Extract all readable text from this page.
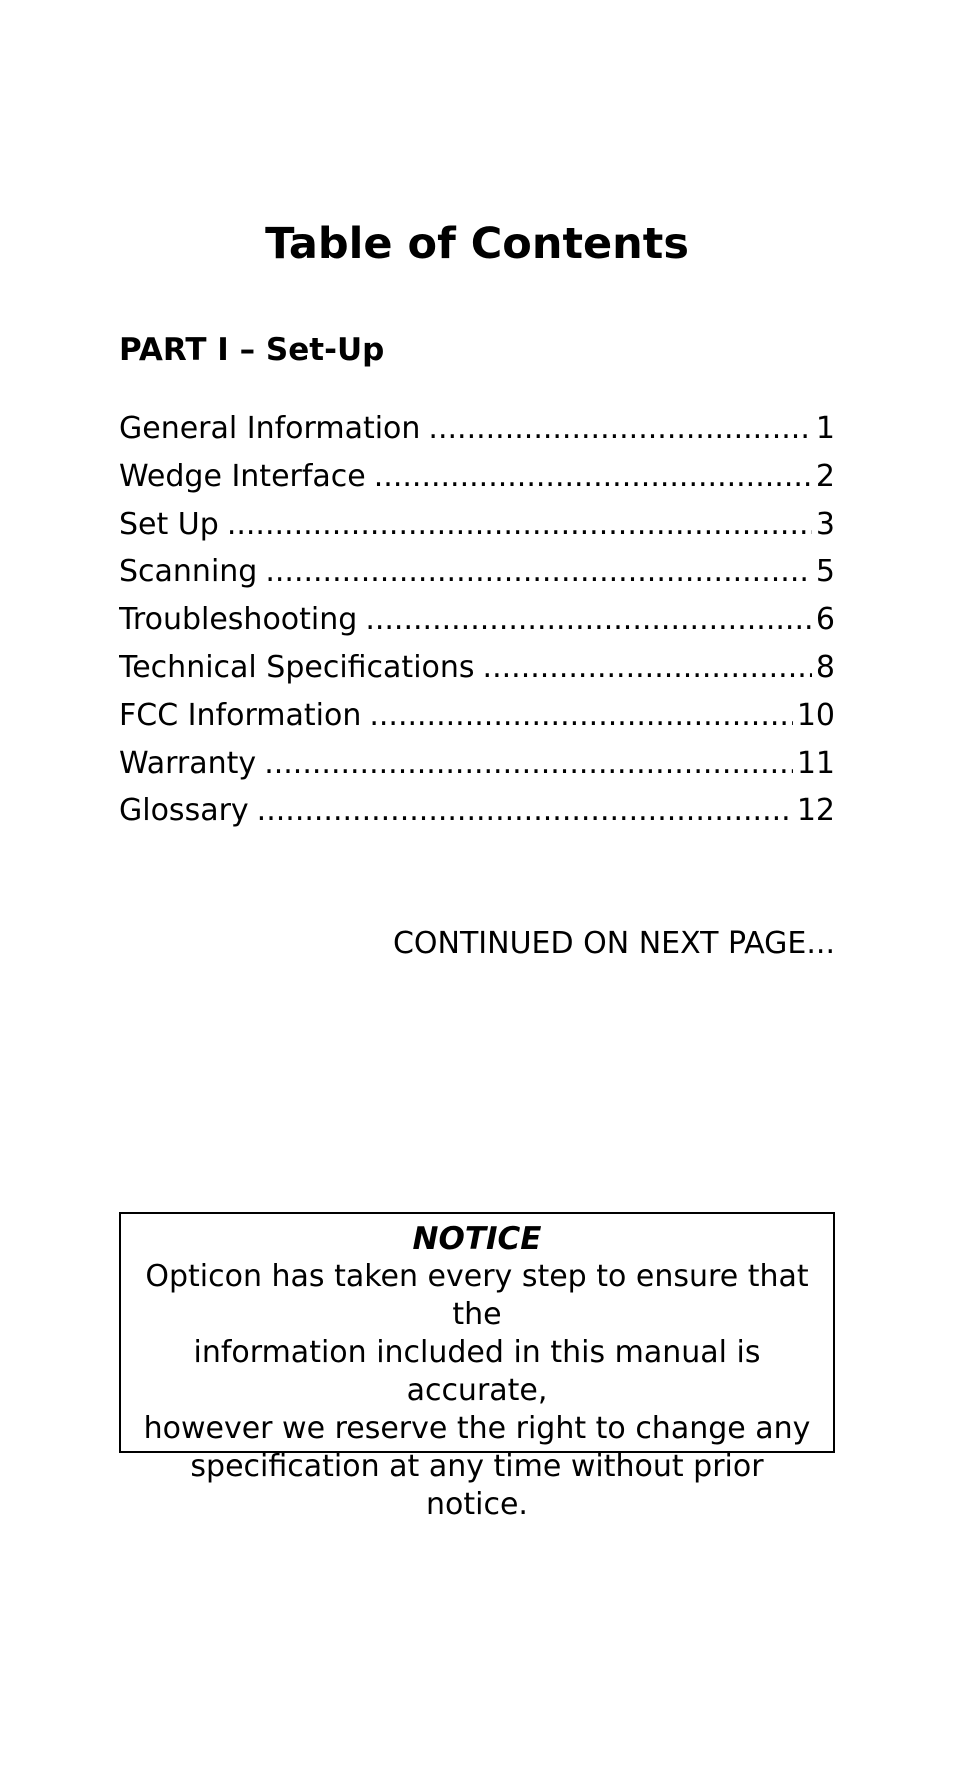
Table of Contents
PART I – Set-Up
General Information .....	1
Wedge Interface .....	2
Set Up .....	3
Scanning .....	5
Troubleshooting .....	6
Technical Specifications .....	8
FCC Information .....	10
Warranty .....	11
Glossary .....	12

CONTINUED ON NEXT PAGE...

NOTICE

Opticon has taken every step to ensure that the

information included in this manual is accurate,

however we reserve the right to change any

specification at any time without prior notice.
